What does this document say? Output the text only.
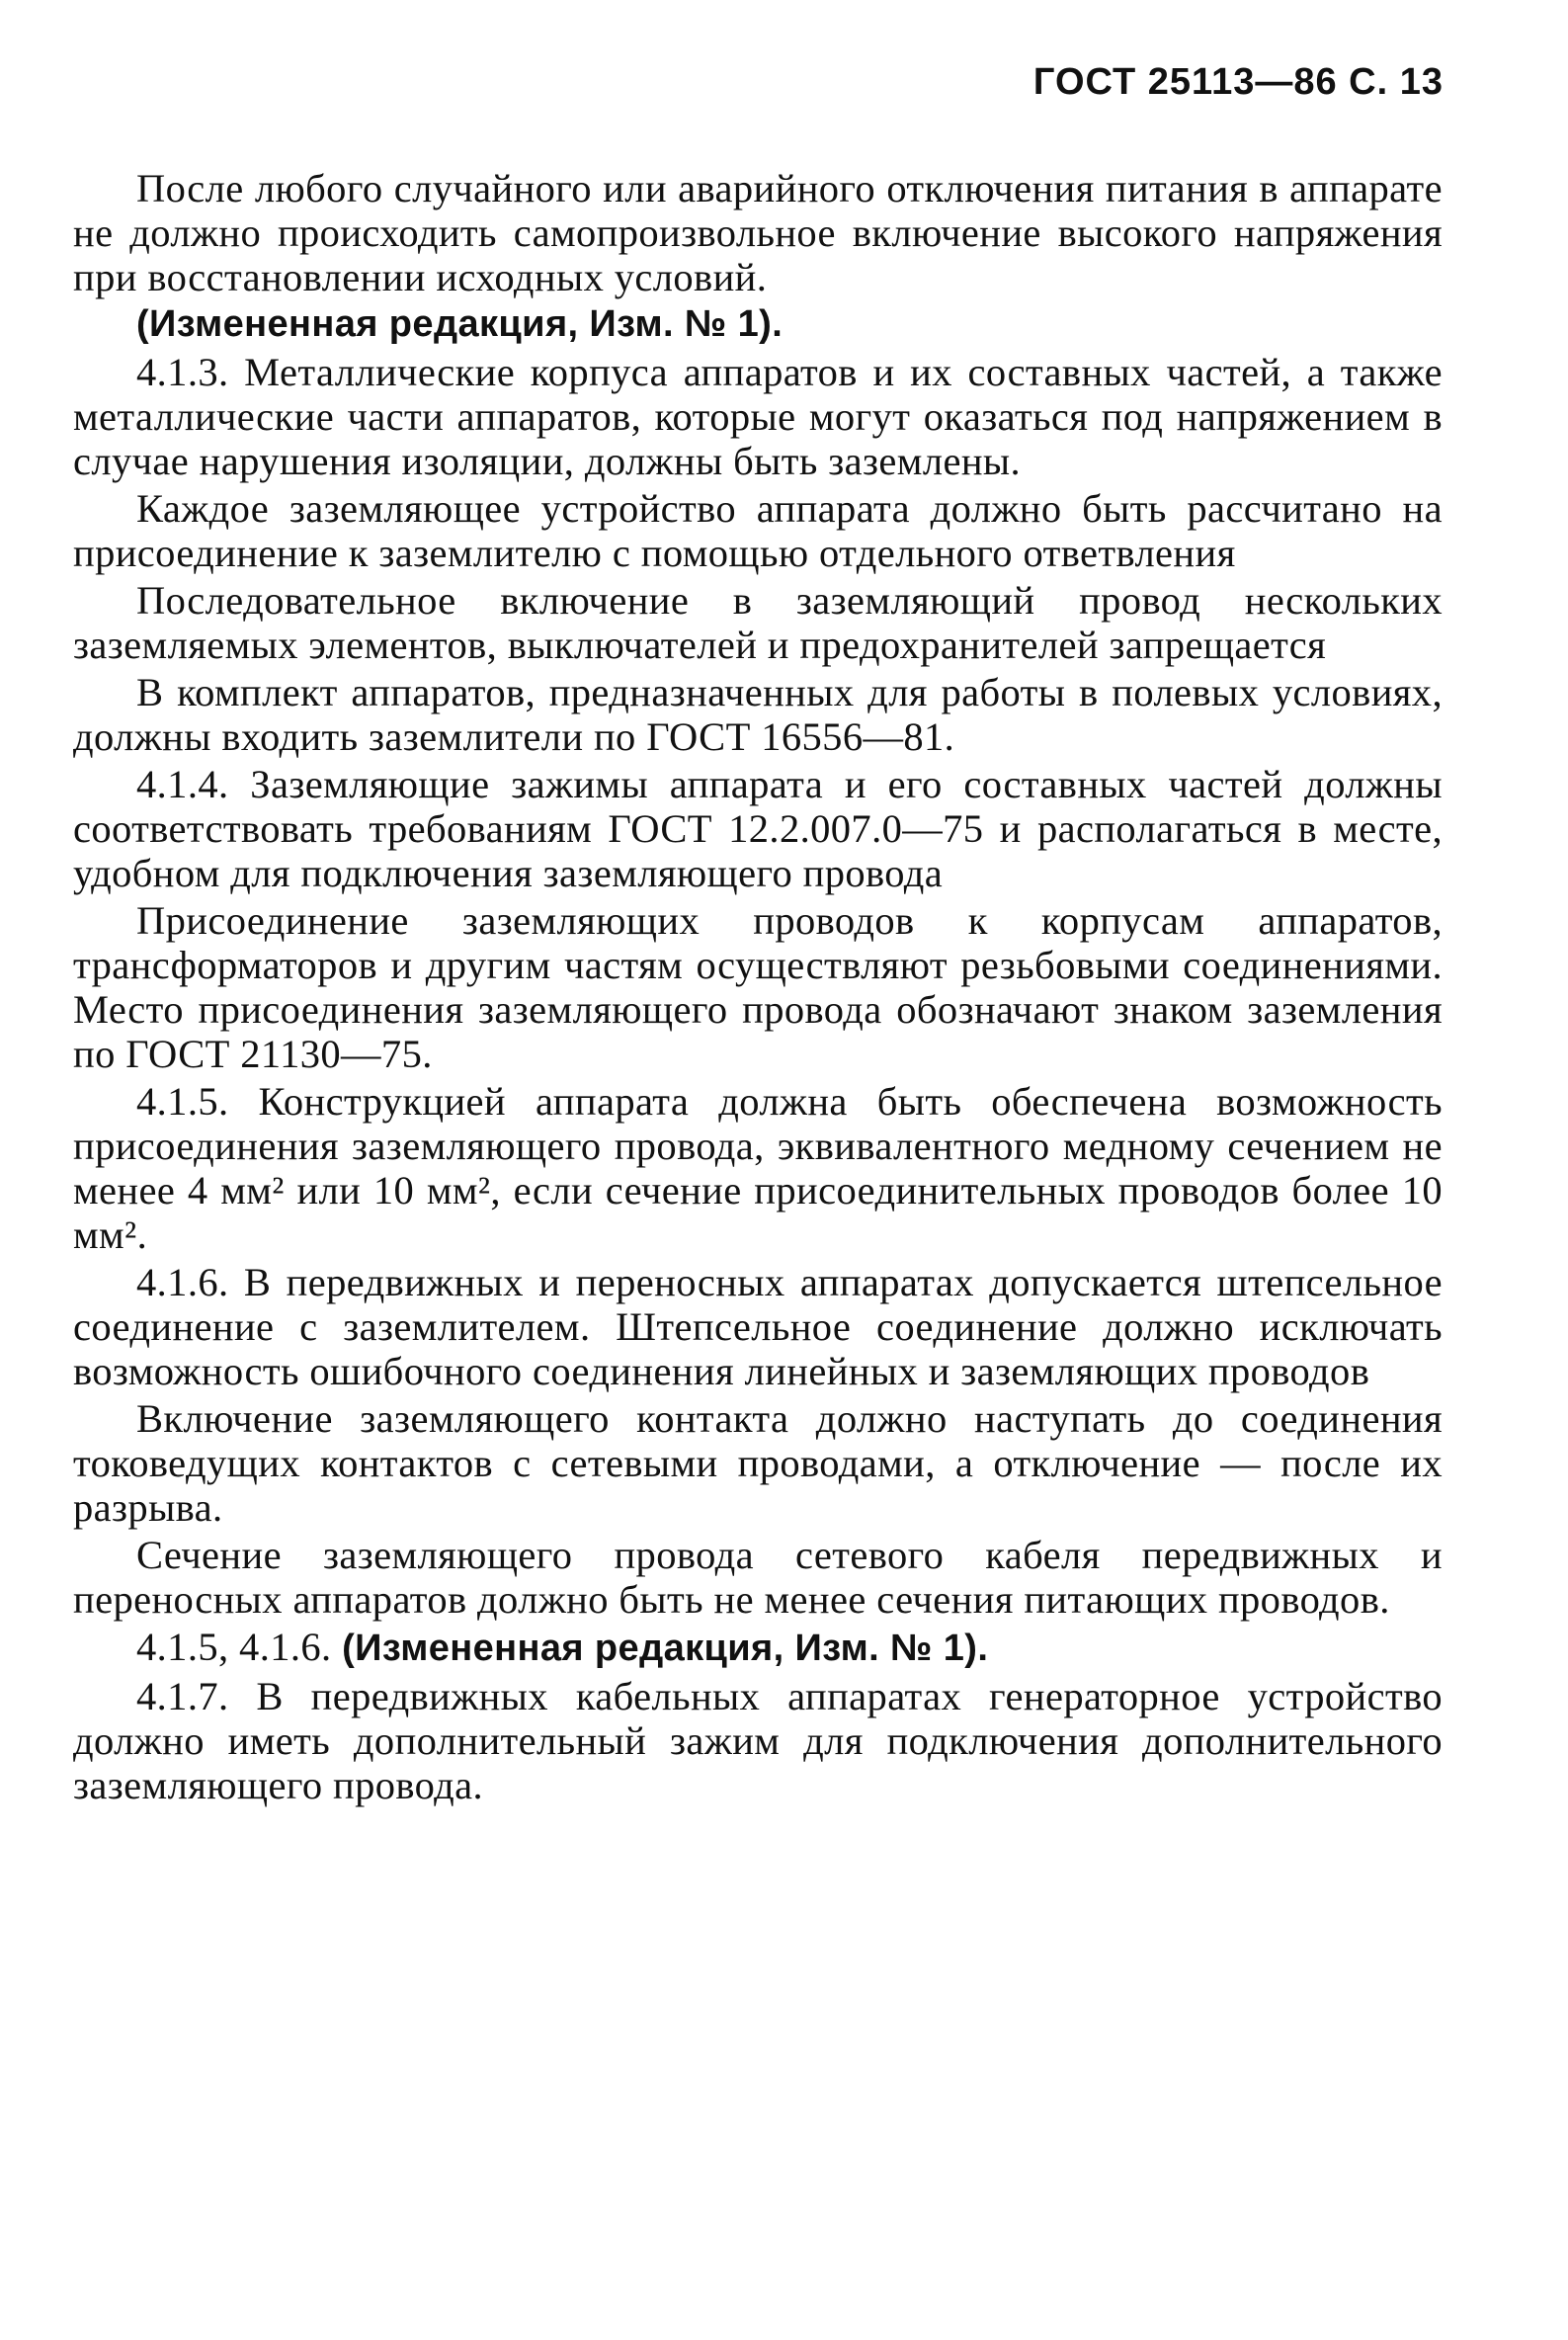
ГОСТ 25113—86 С. 13

После любого случайного или аварийного отключения питания в аппарате не должно происходить самопроизвольное включение высокого напряжения при восстановлении исходных условий.

(Измененная редакция, Изм. № 1).

4.1.3. Металлические корпуса аппаратов и их составных частей, а также металлические части аппаратов, которые могут оказаться под напряжением в случае нарушения изоляции, должны быть заземлены.

Каждое заземляющее устройство аппарата должно быть рассчитано на присоединение к заземлителю с помощью отдельного ответвления

Последовательное включение в заземляющий провод нескольких заземляемых элементов, выключателей и предохранителей запрещается

В комплект аппаратов, предназначенных для работы в полевых условиях, должны входить заземлители по ГОСТ 16556—81.

4.1.4. Заземляющие зажимы аппарата и его составных частей должны соответствовать требованиям ГОСТ 12.2.007.0—75 и располагаться в месте, удобном для подключения заземляющего провода

Присоединение заземляющих проводов к корпусам аппаратов, трансформаторов и другим частям осуществляют резьбовыми соединениями. Место присоединения заземляющего провода обозначают знаком заземления по ГОСТ 21130—75.

4.1.5. Конструкцией аппарата должна быть обеспечена возможность присоединения заземляющего провода, эквивалентного медному сечением не менее 4 мм² или 10 мм², если сечение присоединительных проводов более 10 мм².

4.1.6. В передвижных и переносных аппаратах допускается штепсельное соединение с заземлителем. Штепсельное соединение должно исключать возможность ошибочного соединения линейных и заземляющих проводов

Включение заземляющего контакта должно наступать до соединения токоведущих контактов с сетевыми проводами, а отключение — после их разрыва.

Сечение заземляющего провода сетевого кабеля передвижных и переносных аппаратов должно быть не менее сечения питающих проводов.

4.1.5, 4.1.6. (Измененная редакция, Изм. № 1).

4.1.7. В передвижных кабельных аппаратах генераторное устройство должно иметь дополнительный зажим для подключения дополнительного заземляющего провода.
